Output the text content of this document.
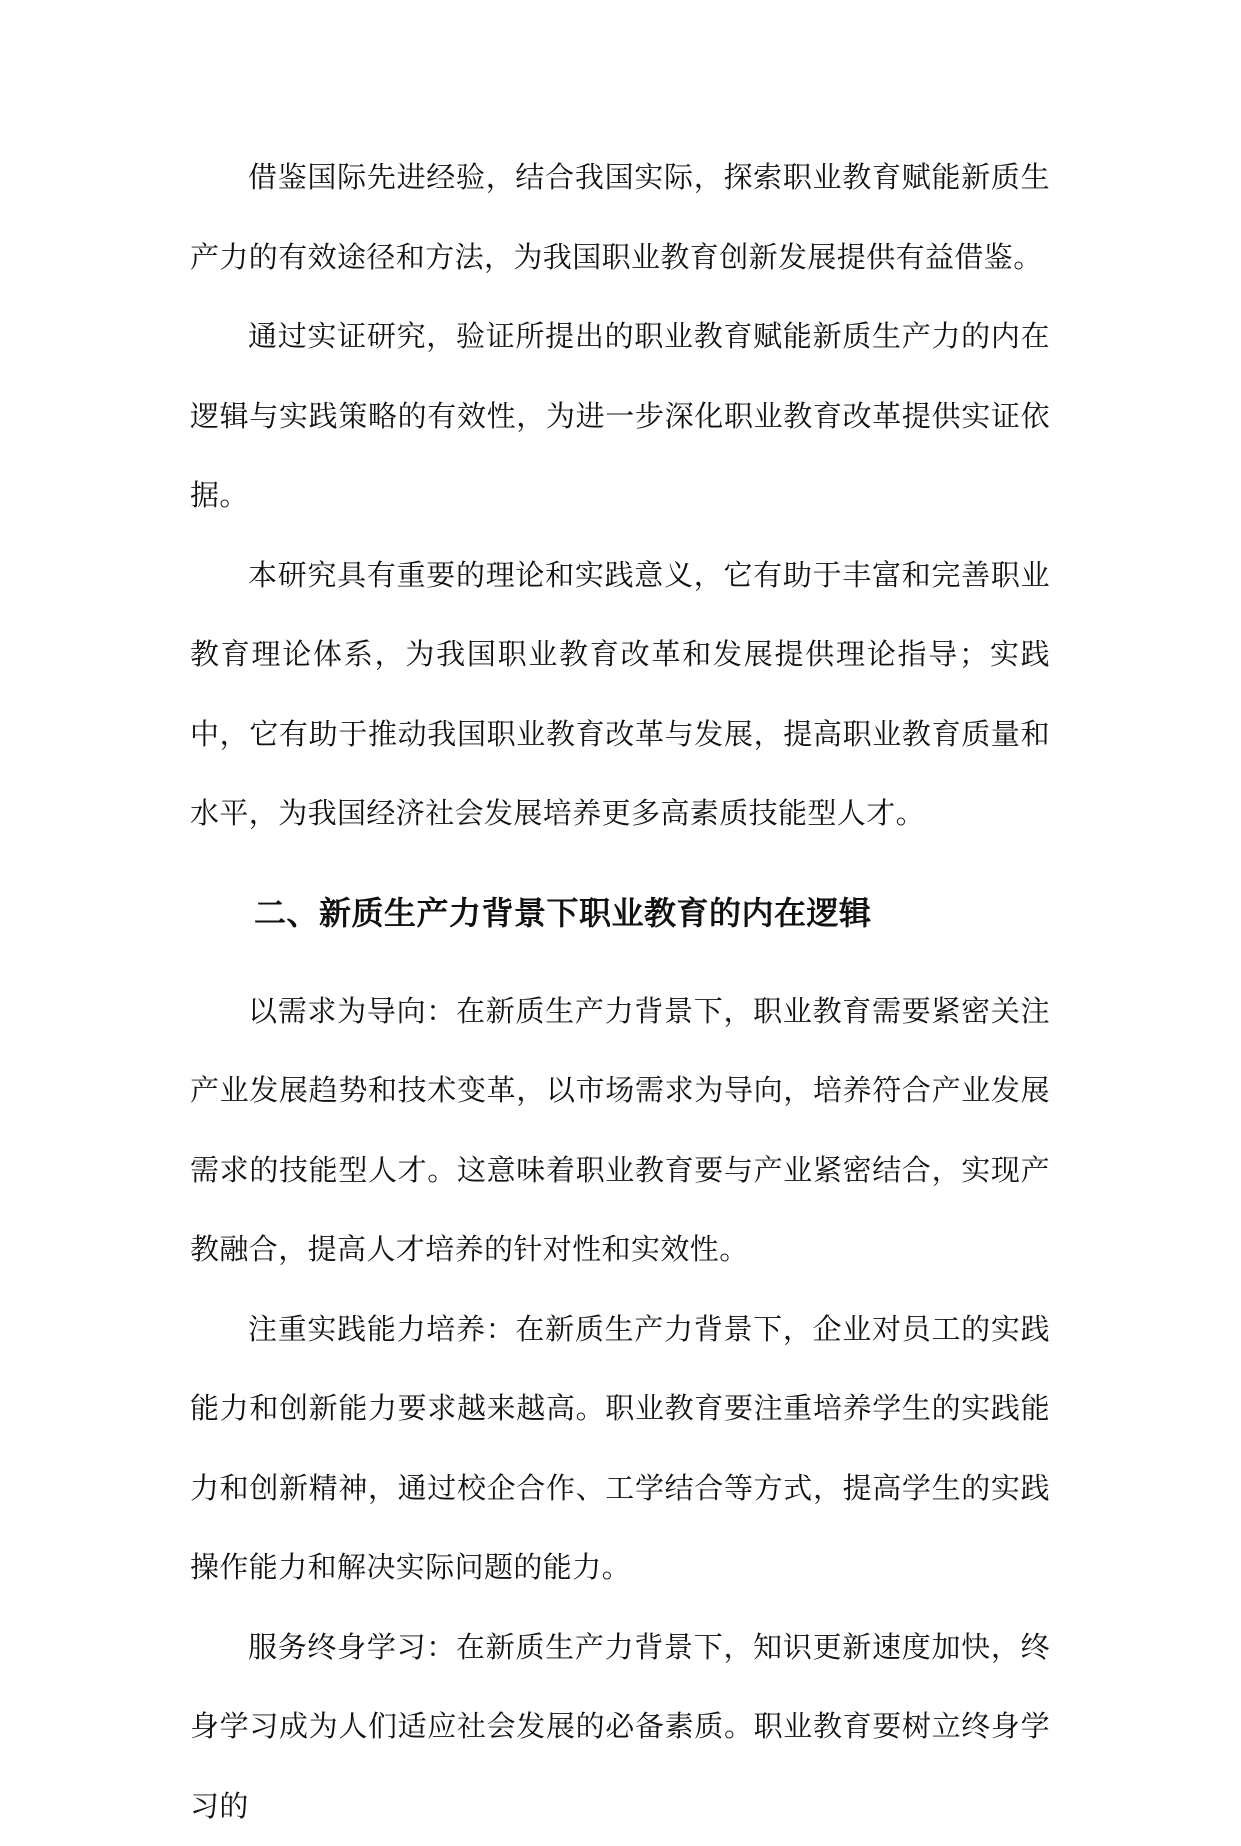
借鉴国际先进经验，结合我国实际，探索职业教育赋能新质生产力的有效途径和方法，为我国职业教育创新发展提供有益借鉴。

通过实证研究，验证所提出的职业教育赋能新质生产力的内在逻辑与实践策略的有效性，为进一步深化职业教育改革提供实证依据。

本研究具有重要的理论和实践意义，它有助于丰富和完善职业教育理论体系，为我国职业教育改革和发展提供理论指导；实践中，它有助于推动我国职业教育改革与发展，提高职业教育质量和水平，为我国经济社会发展培养更多高素质技能型人才。

二、新质生产力背景下职业教育的内在逻辑

以需求为导向：在新质生产力背景下，职业教育需要紧密关注产业发展趋势和技术变革，以市场需求为导向，培养符合产业发展需求的技能型人才。这意味着职业教育要与产业紧密结合，实现产教融合，提高人才培养的针对性和实效性。

注重实践能力培养：在新质生产力背景下，企业对员工的实践能力和创新能力要求越来越高。职业教育要注重培养学生的实践能力和创新精神，通过校企合作、工学结合等方式，提高学生的实践操作能力和解决实际问题的能力。

服务终身学习：在新质生产力背景下，知识更新速度加快，终身学习成为人们适应社会发展的必备素质。职业教育要树立终身学习的
